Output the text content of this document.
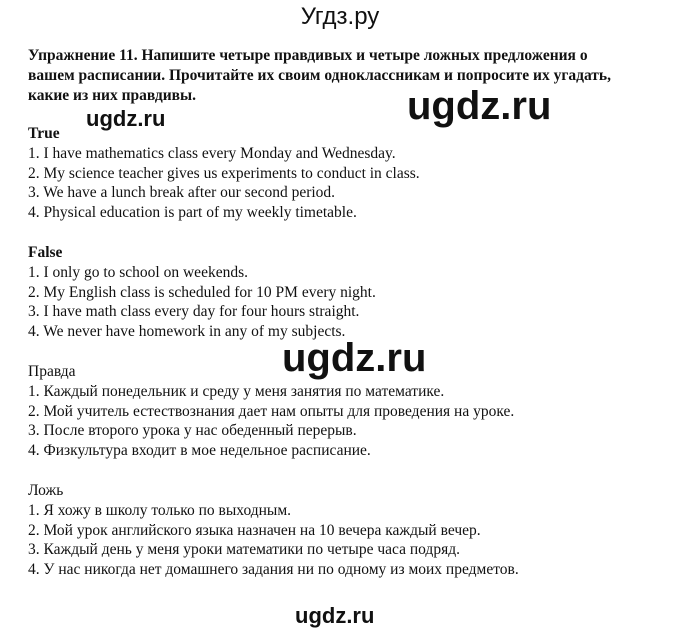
Угдз.ру
Упражнение 11. Напишите четыре правдивых и четыре ложных предложения о вашем расписании. Прочитайте их своим одноклассникам и попросите их угадать, какие из них правдивы.
True
1. I have mathematics class every Monday and Wednesday.
2. My science teacher gives us experiments to conduct in class.
3. We have a lunch break after our second period.
4. Physical education is part of my weekly timetable.
False
1. I only go to school on weekends.
2. My English class is scheduled for 10 PM every night.
3. I have math class every day for four hours straight.
4. We never have homework in any of my subjects.
Правда
1. Каждый понедельник и среду у меня занятия по математике.
2. Мой учитель естествознания дает нам опыты для проведения на уроке.
3. После второго урока у нас обеденный перерыв.
4. Физкультура входит в мое недельное расписание.
Ложь
1. Я хожу в школу только по выходным.
2. Мой урок английского языка назначен на 10 вечера каждый вечер.
3. Каждый день у меня уроки математики по четыре часа подряд.
4. У нас никогда нет домашнего задания ни по одному из моих предметов.
ugdz.ru
ugdz.ru
ugdz.ru
ugdz.ru
